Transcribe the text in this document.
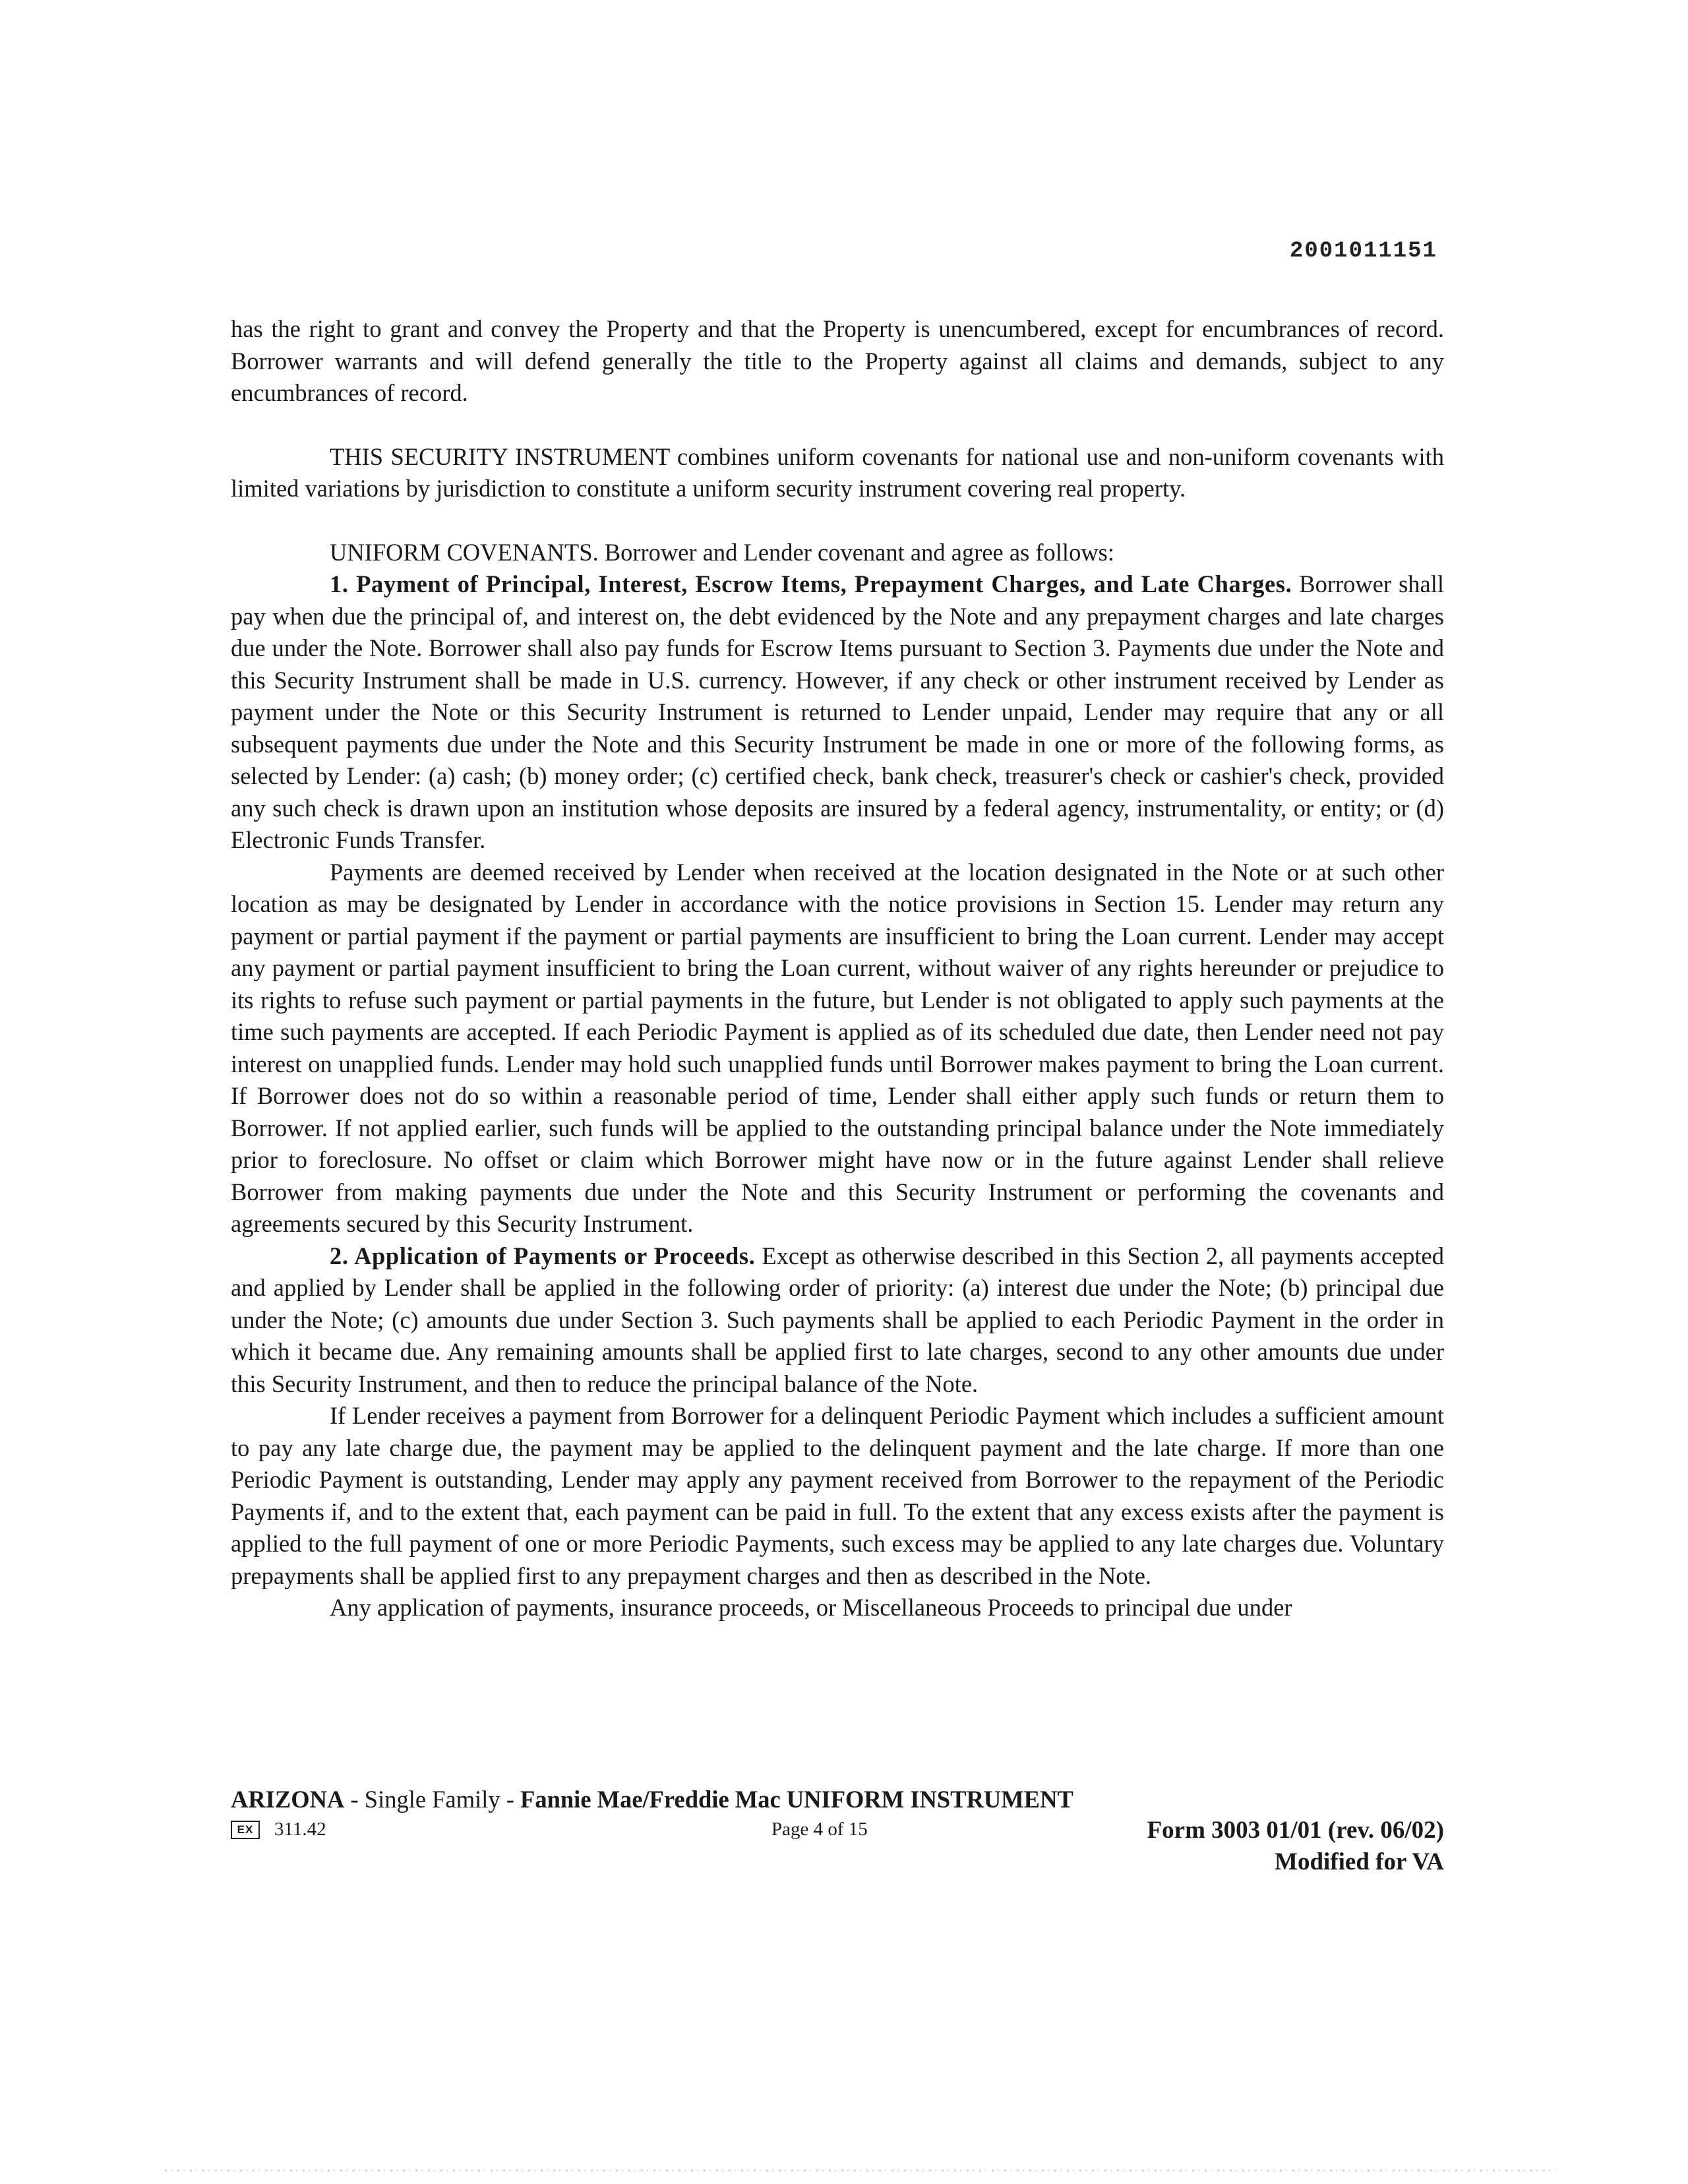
2001011151

has the right to grant and convey the Property and that the Property is unencumbered, except for encumbrances of record. Borrower warrants and will defend generally the title to the Property against all claims and demands, subject to any encumbrances of record.

THIS SECURITY INSTRUMENT combines uniform covenants for national use and non-uniform covenants with limited variations by jurisdiction to constitute a uniform security instrument covering real property.

UNIFORM COVENANTS. Borrower and Lender covenant and agree as follows:

1. Payment of Principal, Interest, Escrow Items, Prepayment Charges, and Late Charges. Borrower shall pay when due the principal of, and interest on, the debt evidenced by the Note and any prepayment charges and late charges due under the Note. Borrower shall also pay funds for Escrow Items pursuant to Section 3. Payments due under the Note and this Security Instrument shall be made in U.S. currency. However, if any check or other instrument received by Lender as payment under the Note or this Security Instrument is returned to Lender unpaid, Lender may require that any or all subsequent payments due under the Note and this Security Instrument be made in one or more of the following forms, as selected by Lender: (a) cash; (b) money order; (c) certified check, bank check, treasurer's check or cashier's check, provided any such check is drawn upon an institution whose deposits are insured by a federal agency, instrumentality, or entity; or (d) Electronic Funds Transfer.

Payments are deemed received by Lender when received at the location designated in the Note or at such other location as may be designated by Lender in accordance with the notice provisions in Section 15. Lender may return any payment or partial payment if the payment or partial payments are insufficient to bring the Loan current. Lender may accept any payment or partial payment insufficient to bring the Loan current, without waiver of any rights hereunder or prejudice to its rights to refuse such payment or partial payments in the future, but Lender is not obligated to apply such payments at the time such payments are accepted. If each Periodic Payment is applied as of its scheduled due date, then Lender need not pay interest on unapplied funds. Lender may hold such unapplied funds until Borrower makes payment to bring the Loan current. If Borrower does not do so within a reasonable period of time, Lender shall either apply such funds or return them to Borrower. If not applied earlier, such funds will be applied to the outstanding principal balance under the Note immediately prior to foreclosure. No offset or claim which Borrower might have now or in the future against Lender shall relieve Borrower from making payments due under the Note and this Security Instrument or performing the covenants and agreements secured by this Security Instrument.

2. Application of Payments or Proceeds. Except as otherwise described in this Section 2, all payments accepted and applied by Lender shall be applied in the following order of priority: (a) interest due under the Note; (b) principal due under the Note; (c) amounts due under Section 3. Such payments shall be applied to each Periodic Payment in the order in which it became due. Any remaining amounts shall be applied first to late charges, second to any other amounts due under this Security Instrument, and then to reduce the principal balance of the Note.

If Lender receives a payment from Borrower for a delinquent Periodic Payment which includes a sufficient amount to pay any late charge due, the payment may be applied to the delinquent payment and the late charge. If more than one Periodic Payment is outstanding, Lender may apply any payment received from Borrower to the repayment of the Periodic Payments if, and to the extent that, each payment can be paid in full. To the extent that any excess exists after the payment is applied to the full payment of one or more Periodic Payments, such excess may be applied to any late charges due. Voluntary prepayments shall be applied first to any prepayment charges and then as described in the Note.

Any application of payments, insurance proceeds, or Miscellaneous Proceeds to principal due under

ARIZONA - Single Family - Fannie Mae/Freddie Mac UNIFORM INSTRUMENT
EX	311.42	Page 4 of 15	Form 3003 01/01 (rev. 06/02)
Modified for VA
